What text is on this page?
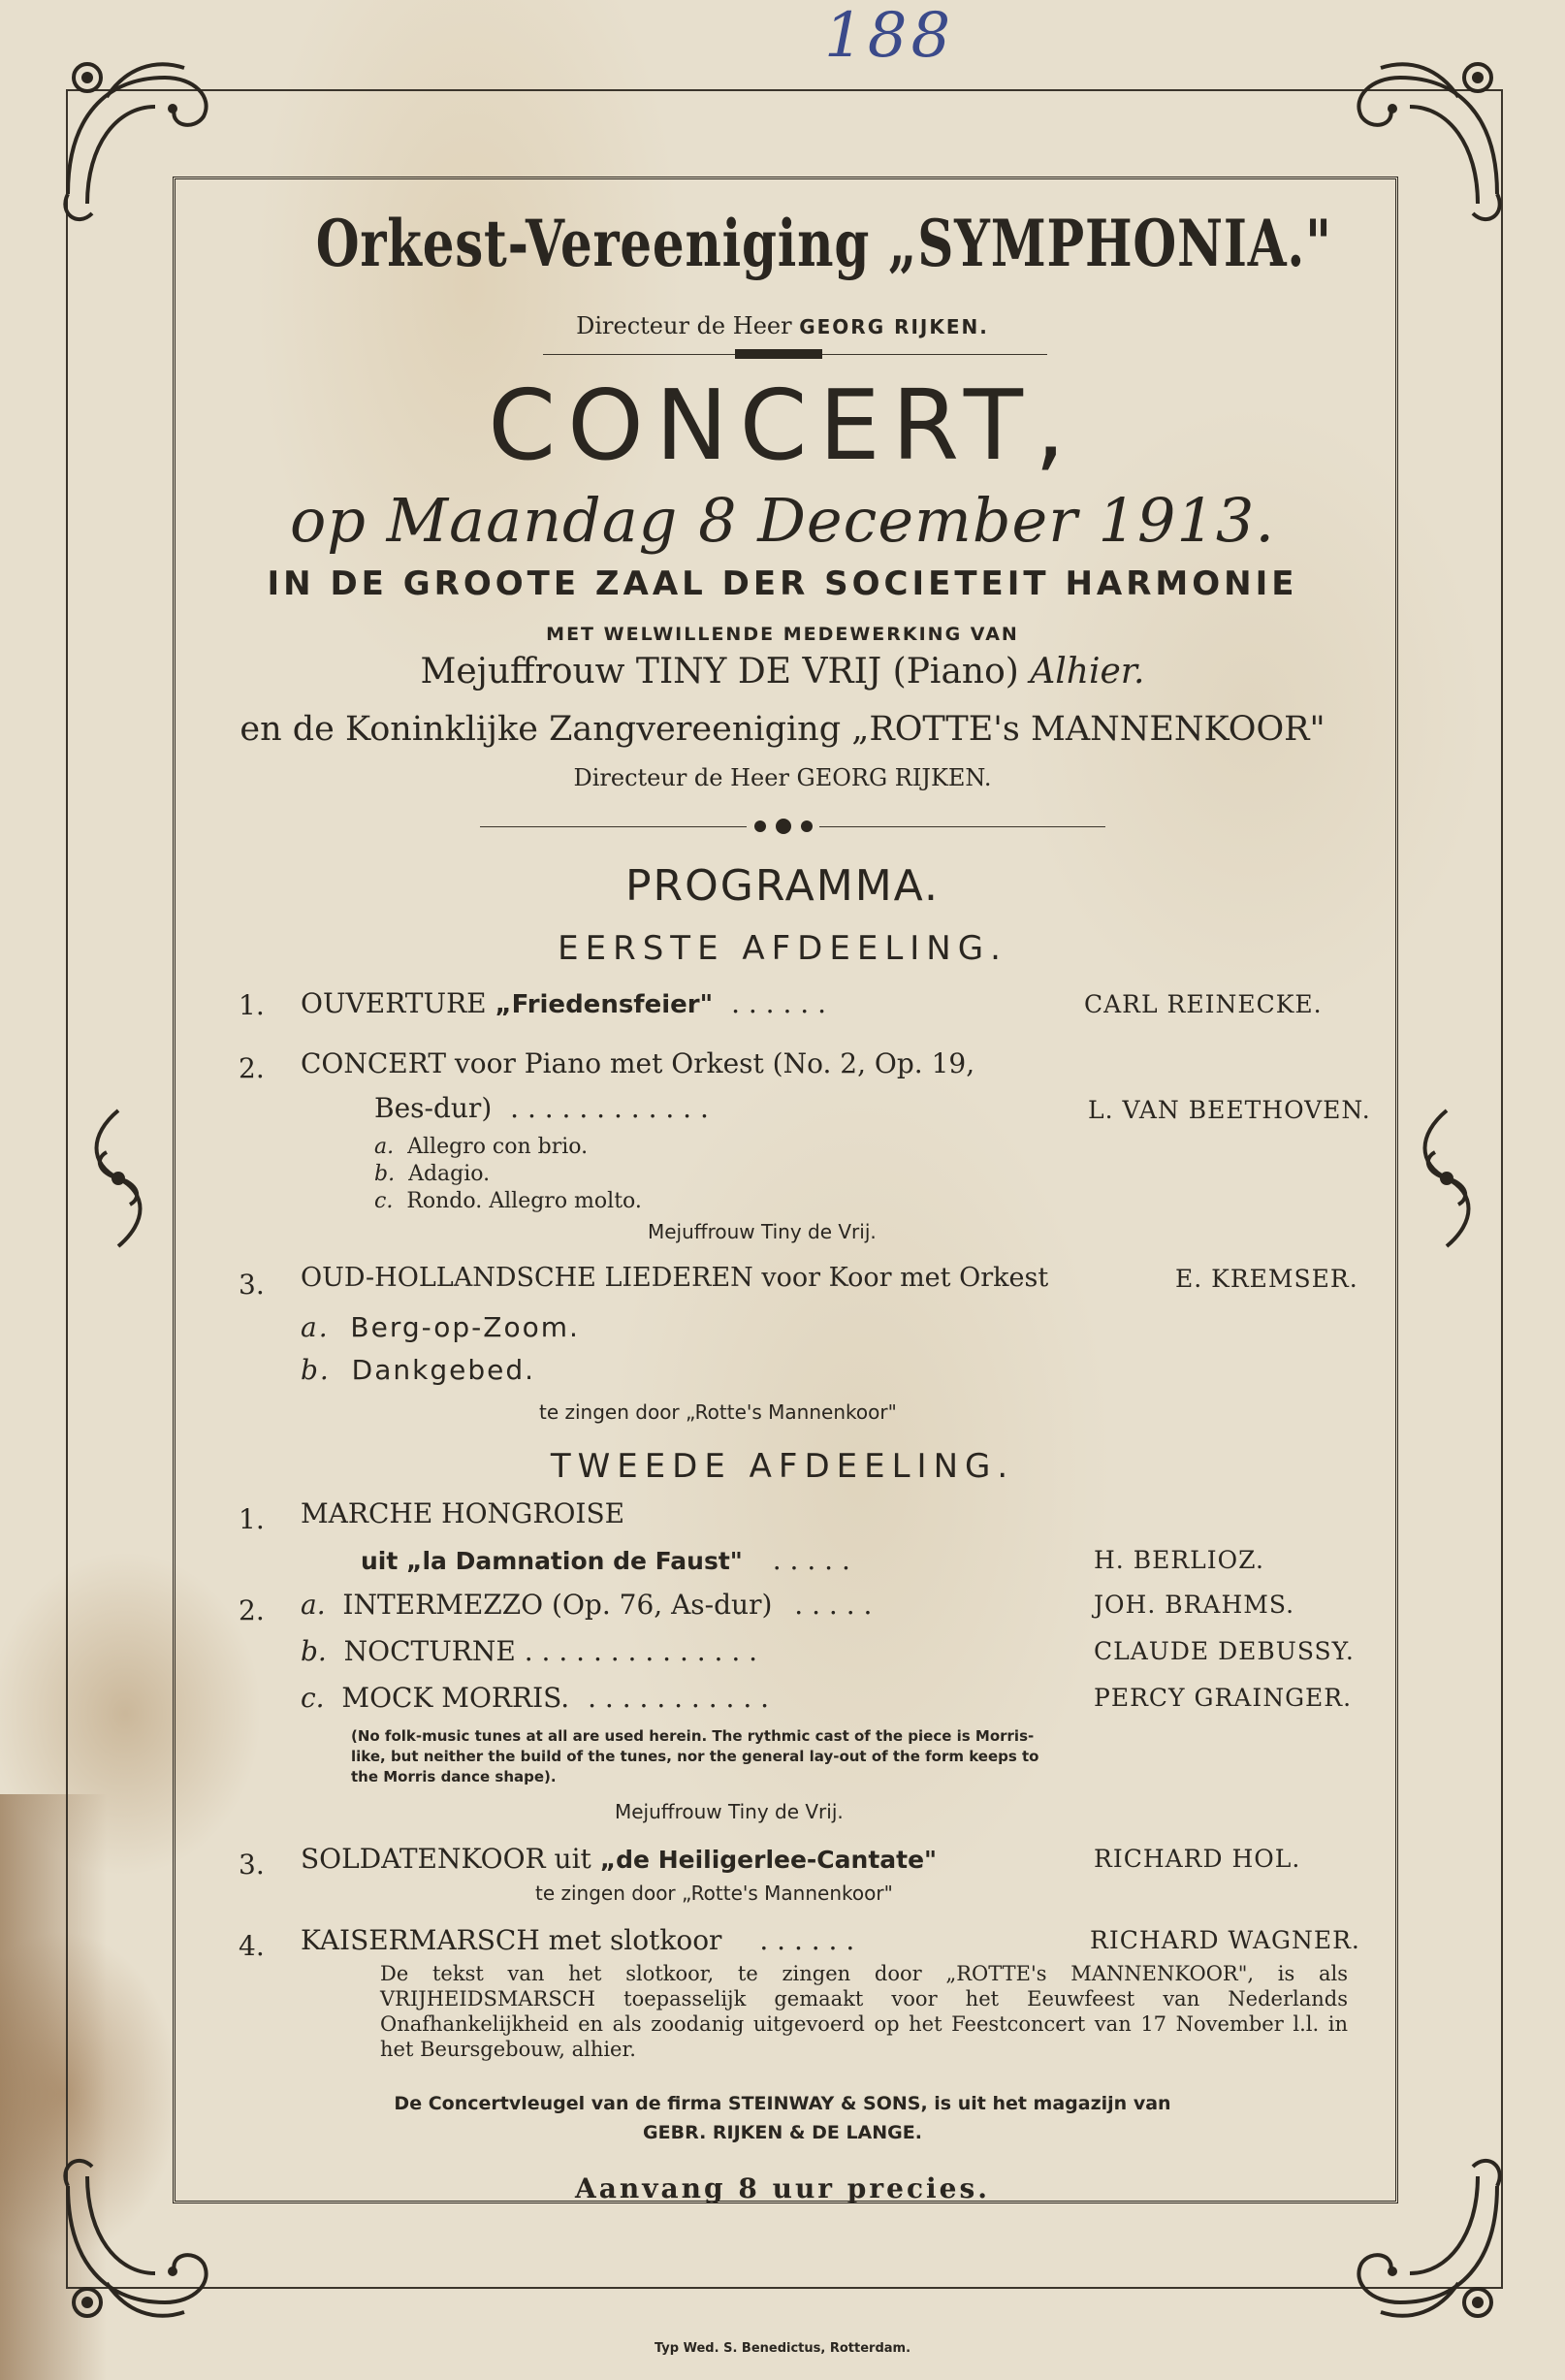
188
Orkest-Vereeniging „SYMPHONIA."
Directeur de Heer GEORG RIJKEN.
CONCERT,
op Maandag 8 December 1913.
IN DE GROOTE ZAAL DER SOCIETEIT HARMONIE
MET WELWILLENDE MEDEWERKING VAN
Mejuffrouw TINY DE VRIJ (Piano) Alhier.
en de Koninklijke Zangvereeniging „ROTTE's MANNENKOOR"
Directeur de Heer GEORG RIJKEN.
PROGRAMMA.
EERSTE AFDEELING.
1. OUVERTURE „Friedensfeier" . . . . . .	CARL REINECKE.
2. CONCERT voor Piano met Orkest (No. 2, Op. 19,
Bes-dur) . . . . . . . . . . . .	L. VAN BEETHOVEN.
a. Allegro con brio.
b. Adagio.
c. Rondo. Allegro molto.
Mejuffrouw Tiny de Vrij.
3. OUD-HOLLANDSCHE LIEDEREN voor Koor met Orkest	E. KREMSER.
a. Berg-op-Zoom.
b. Dankgebed.
te zingen door „Rotte's Mannenkoor"
TWEEDE AFDEELING.
1. MARCHE HONGROISE
uit „la Damnation de Faust" . . . . .	H. BERLIOZ.
2. a. INTERMEZZO (Op. 76, As-dur) . . . . .	JOH. BRAHMS.
b. NOCTURNE . . . . . . . . . . . . . .	CLAUDE DEBUSSY.
c. MOCK MORRIS. . . . . . . . . . . .	PERCY GRAINGER.
(No folk-music tunes at all are used herein. The rythmic cast of the piece is Morris-like, but neither the build of the tunes, nor the general lay-out of the form keeps to the Morris dance shape).
Mejuffrouw Tiny de Vrij.
3. SOLDATENKOOR uit „de Heiligerlee-Cantate"	RICHARD HOL.
te zingen door „Rotte's Mannenkoor"
4. KAISERMARSCH met slotkoor . . . . . .	RICHARD WAGNER.
De tekst van het slotkoor, te zingen door „ROTTE's MANNENKOOR", is als VRIJHEIDSMARSCH toepasselijk gemaakt voor het Eeuwfeest van Nederlands Onafhankelijkheid en als zoodanig uitgevoerd op het Feestconcert van 17 November l.l. in het Beursgebouw, alhier.
De Concertvleugel van de firma STEINWAY & SONS, is uit het magazijn van
GEBR. RIJKEN & DE LANGE.
Aanvang 8 uur precies.
Typ Wed. S. Benedictus, Rotterdam.
